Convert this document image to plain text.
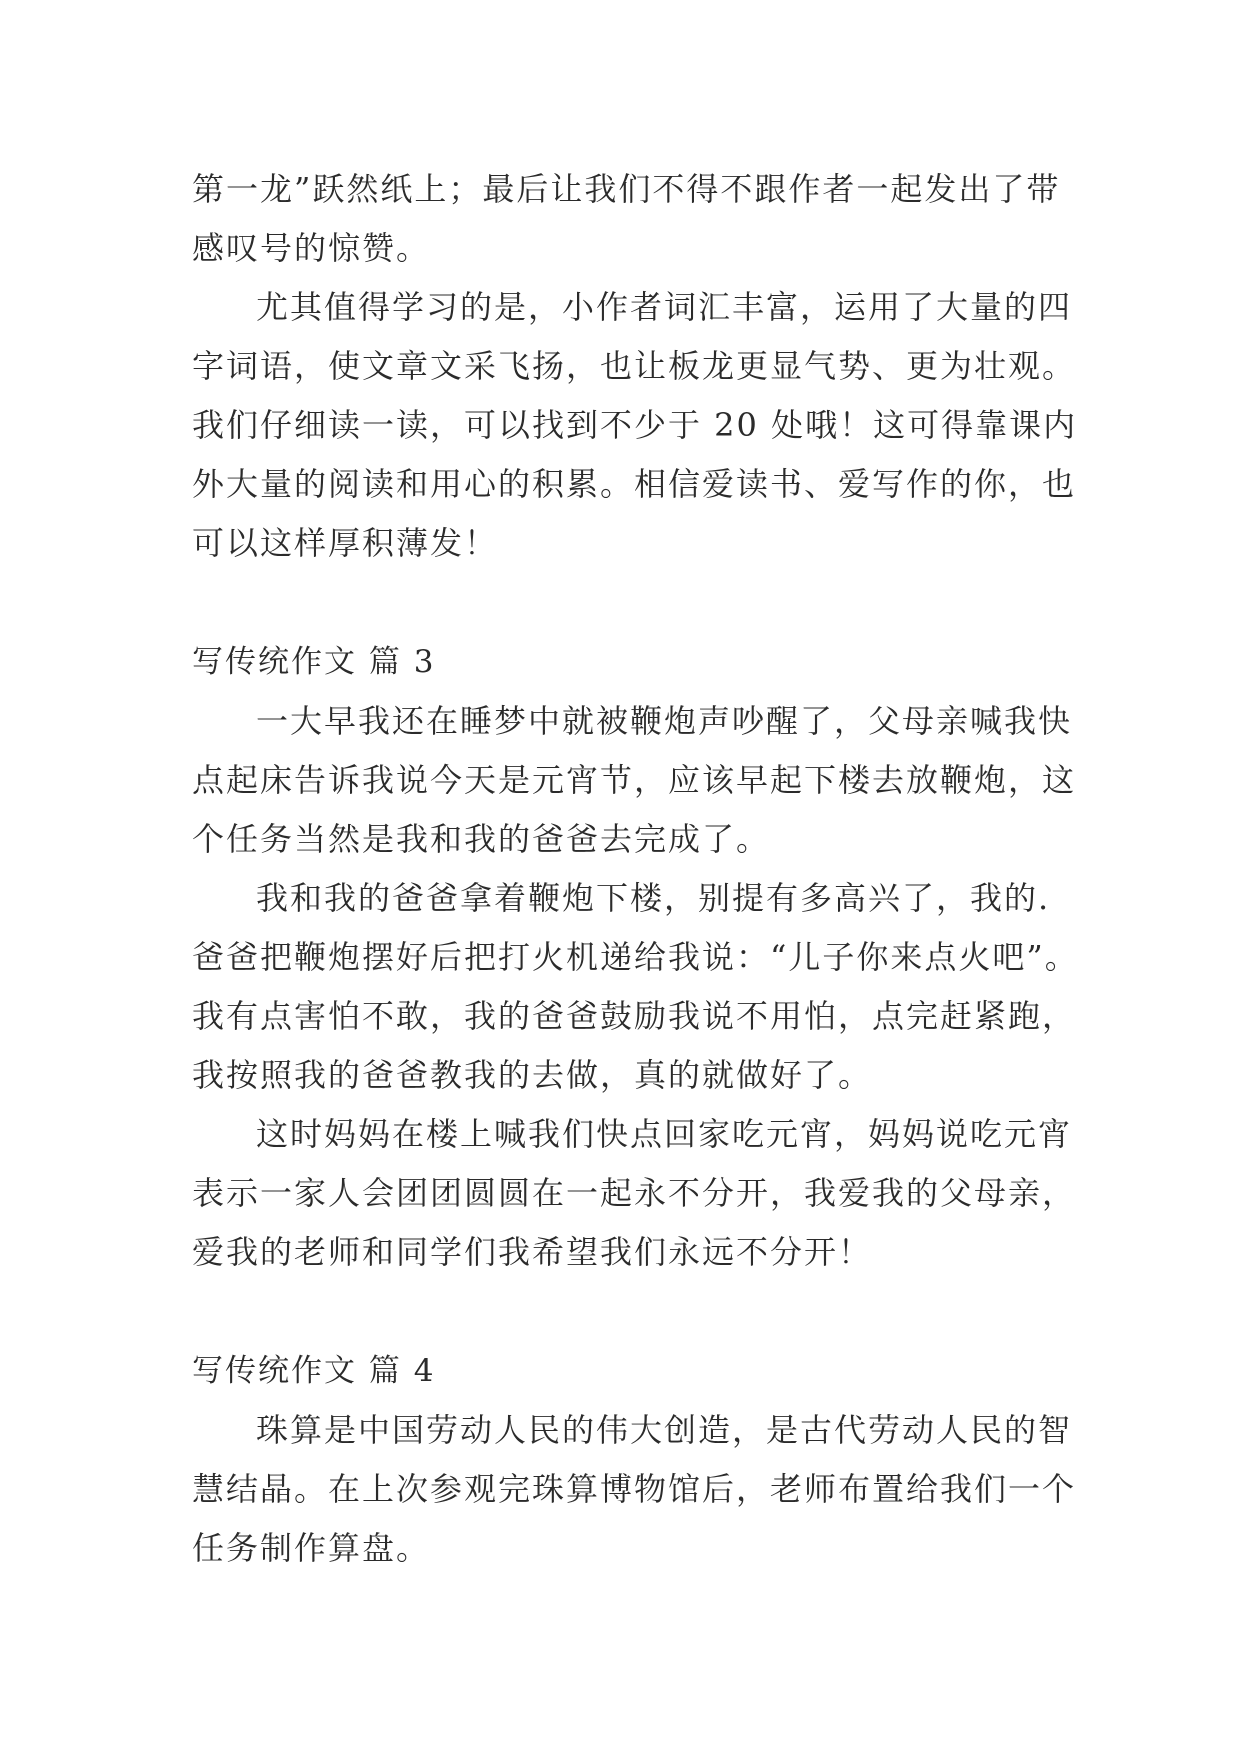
第一龙”跃然纸上；最后让我们不得不跟作者一起发出了带
感叹号的惊赞。
尤其值得学习的是，小作者词汇丰富，运用了大量的四
字词语，使文章文采飞扬，也让板龙更显气势、更为壮观。
我们仔细读一读，可以找到不少于 20 处哦！这可得靠课内
外大量的阅读和用心的积累。相信爱读书、爱写作的你，也
可以这样厚积薄发！
写传统作文 篇 3
一大早我还在睡梦中就被鞭炮声吵醒了，父母亲喊我快
点起床告诉我说今天是元宵节，应该早起下楼去放鞭炮，这
个任务当然是我和我的爸爸去完成了。
我和我的爸爸拿着鞭炮下楼，别提有多高兴了，我的.
爸爸把鞭炮摆好后把打火机递给我说：“儿子你来点火吧”。
我有点害怕不敢，我的爸爸鼓励我说不用怕，点完赶紧跑，
我按照我的爸爸教我的去做，真的就做好了。
这时妈妈在楼上喊我们快点回家吃元宵，妈妈说吃元宵
表示一家人会团团圆圆在一起永不分开，我爱我的父母亲，
爱我的老师和同学们我希望我们永远不分开！
写传统作文 篇 4
珠算是中国劳动人民的伟大创造，是古代劳动人民的智
慧结晶。在上次参观完珠算博物馆后，老师布置给我们一个
任务制作算盘。
